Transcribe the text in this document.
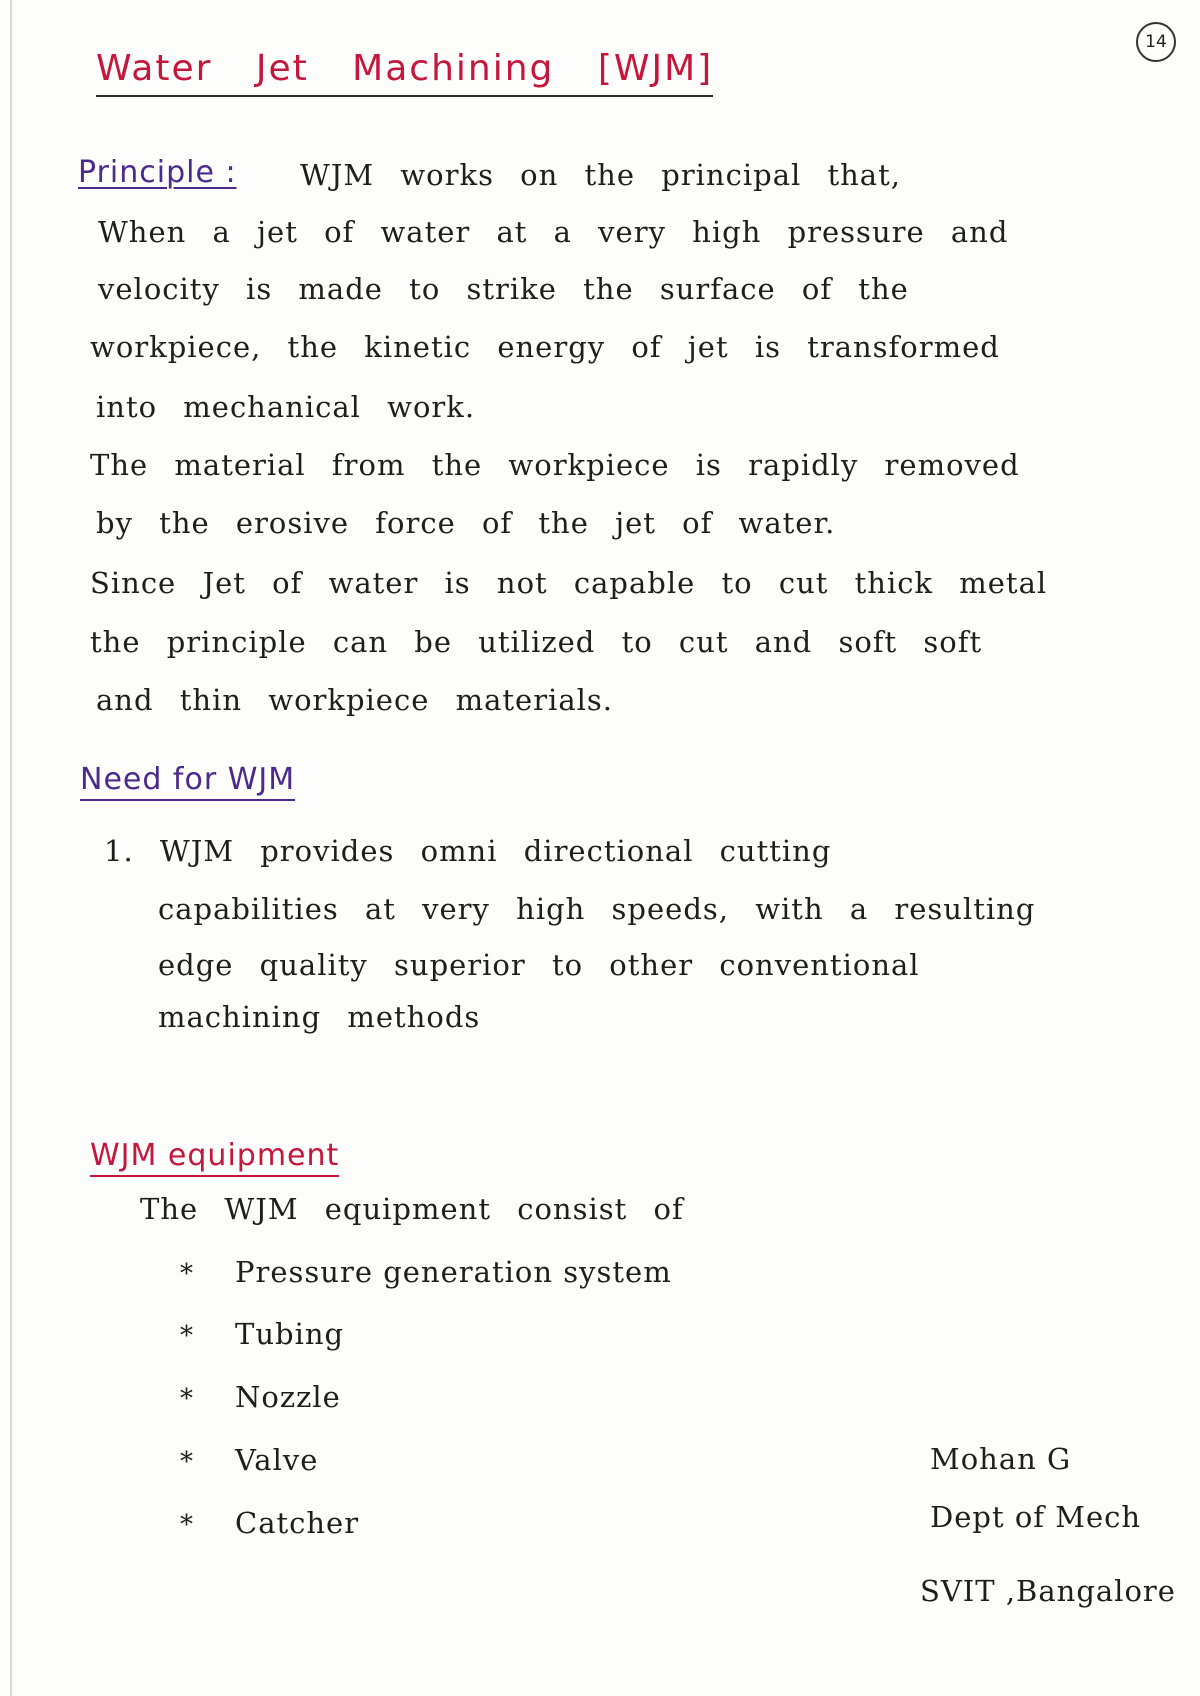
14
Water Jet Machining [WJM]
Principle : WJM works on the principal that,
When a jet of water at a very high pressure and
velocity is made to strike the surface of the
workpiece, the kinetic energy of jet is transformed
into mechanical work.
The material from the workpiece is rapidly removed
by the erosive force of the jet of water.
Since Jet of water is not capable to cut thick metal
the principle can be utilized to cut and soft soft
and thin workpiece materials.
Need for WJM
1. WJM provides omni directional cutting
capabilities at very high speeds, with a resulting
edge quality superior to other conventional
machining methods
WJM equipment
The WJM equipment consist of
* Pressure generation system
* Tubing
* Nozzle
* Valve
* Catcher
Mohan G
Dept of Mech
SVIT ,Bangalore
